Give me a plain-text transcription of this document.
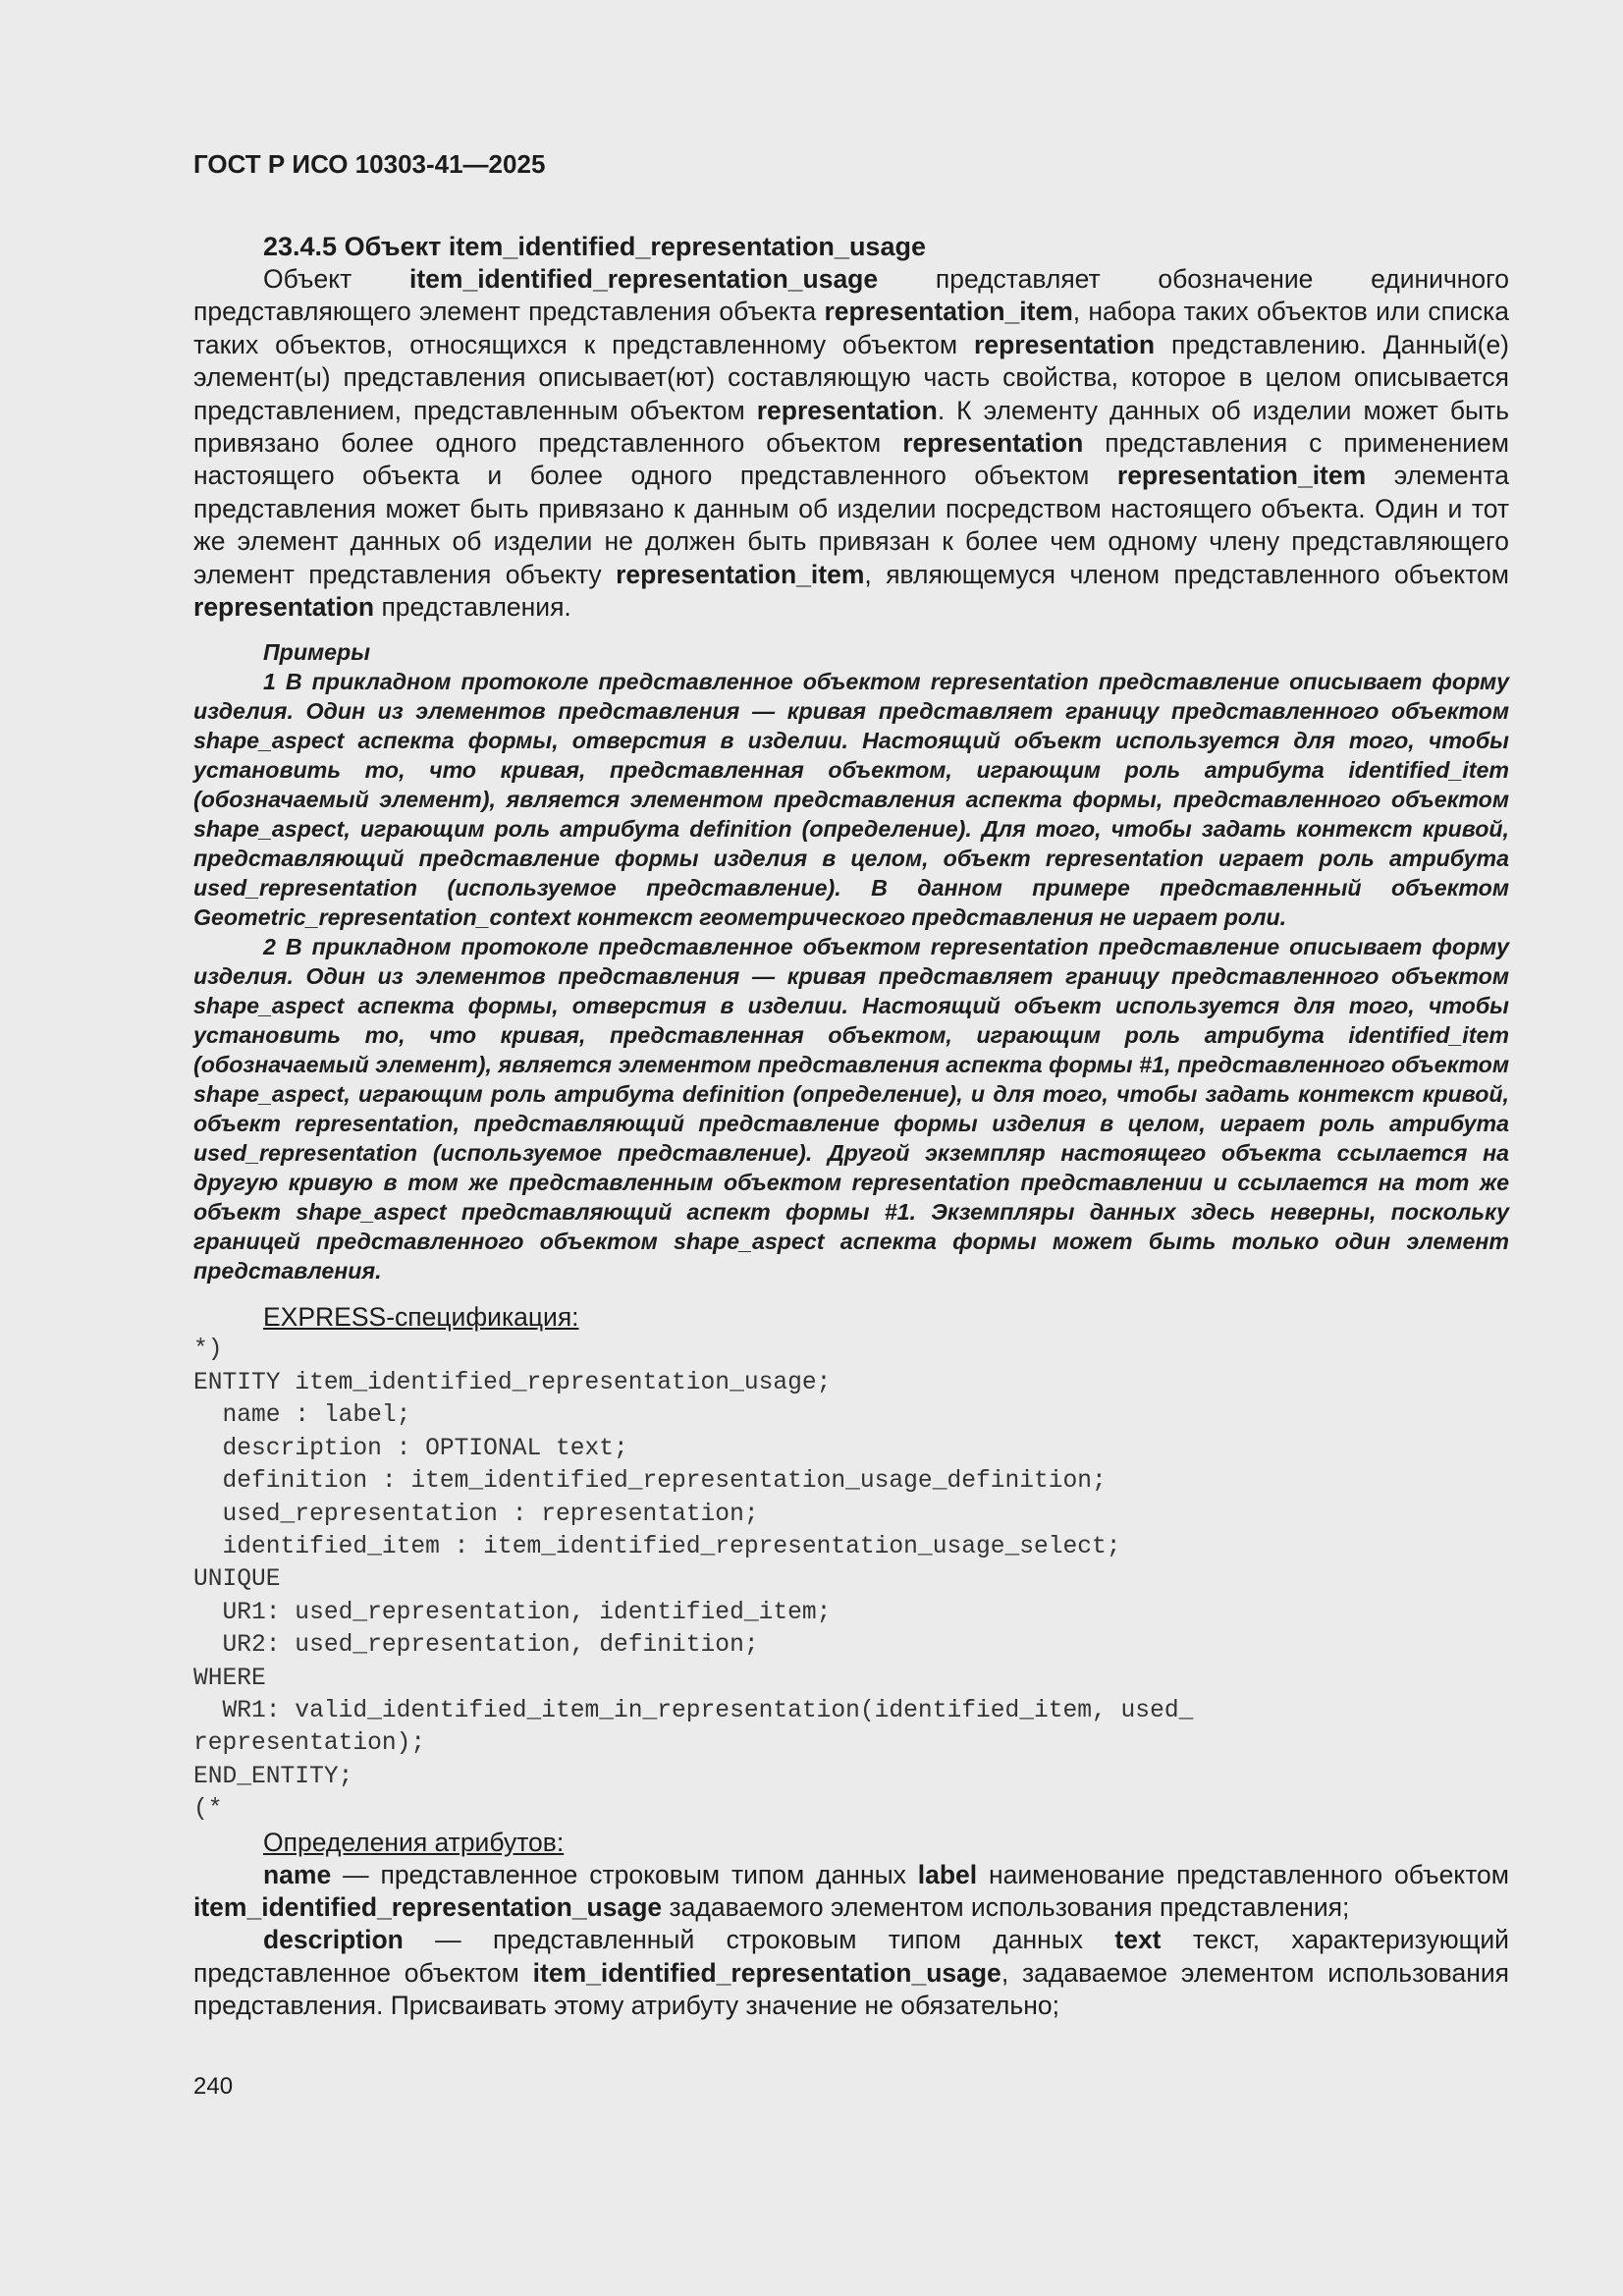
ГОСТ Р ИСО 10303-41—2025
23.4.5 Объект item_identified_representation_usage

Объект item_identified_representation_usage представляет обозначение единичного представляющего элемент представления объекта representation_item, набора таких объектов или списка таких объектов, относящихся к представленному объектом representation представлению. Данный(е) элемент(ы) представления описывает(ют) составляющую часть свойства, которое в целом описывается представлением, представленным объектом representation. К элементу данных об изделии может быть привязано более одного представленного объектом representation представления с применением настоящего объекта и более одного представленного объектом representation_item элемента представления может быть привязано к данным об изделии посредством настоящего объекта. Один и тот же элемент данных об изделии не должен быть привязан к более чем одному члену представляющего элемент представления объекту representation_item, являющемуся членом представленного объектом representation представления.

Примеры

1 В прикладном протоколе представленное объектом representation представление описывает форму изделия. Один из элементов представления — кривая представляет границу представленного объектом shape_aspect аспекта формы, отверстия в изделии. Настоящий объект используется для того, чтобы установить то, что кривая, представленная объектом, играющим роль атрибута identified_item (обозначаемый элемент), является элементом представления аспекта формы, представленного объектом shape_aspect, играющим роль атрибута definition (определение). Для того, чтобы задать контекст кривой, представляющий представление формы изделия в целом, объект representation играет роль атрибута used_representation (используемое представление). В данном примере представленный объектом Geometric_representation_context контекст геометрического представления не играет роли.

2 В прикладном протоколе представленное объектом representation представление описывает форму изделия. Один из элементов представления — кривая представляет границу представленного объектом shape_aspect аспекта формы, отверстия в изделии. Настоящий объект используется для того, чтобы установить то, что кривая, представленная объектом, играющим роль атрибута identified_item (обозначаемый элемент), является элементом представления аспекта формы #1, представленного объектом shape_aspect, играющим роль атрибута definition (определение), и для того, чтобы задать контекст кривой, объект representation, представляющий представление формы изделия в целом, играет роль атрибута used_representation (используемое представление). Другой экземпляр настоящего объекта ссылается на другую кривую в том же представленным объектом representation представлении и ссылается на тот же объект shape_aspect представляющий аспект формы #1. Экземпляры данных здесь неверны, поскольку границей представленного объектом shape_aspect аспекта формы может быть только один элемент представления.

EXPRESS-спецификация:
*)
ENTITY item_identified_representation_usage;
name : label;
description : OPTIONAL text;
definition : item_identified_representation_usage_definition;
used_representation : representation;
identified_item : item_identified_representation_usage_select;
UNIQUE
UR1: used_representation, identified_item;
UR2: used_representation, definition;
WHERE
WR1: valid_identified_item_in_representation(identified_item, used_
representation);
END_ENTITY;
(*
Определения атрибутов:

name — представленное строковым типом данных label наименование представленного объектом item_identified_representation_usage задаваемого элементом использования представления;

description — представленный строковым типом данных text текст, характеризующий представленное объектом item_identified_representation_usage, задаваемое элементом использования представления. Присваивать этому атрибуту значение не обязательно;

240
